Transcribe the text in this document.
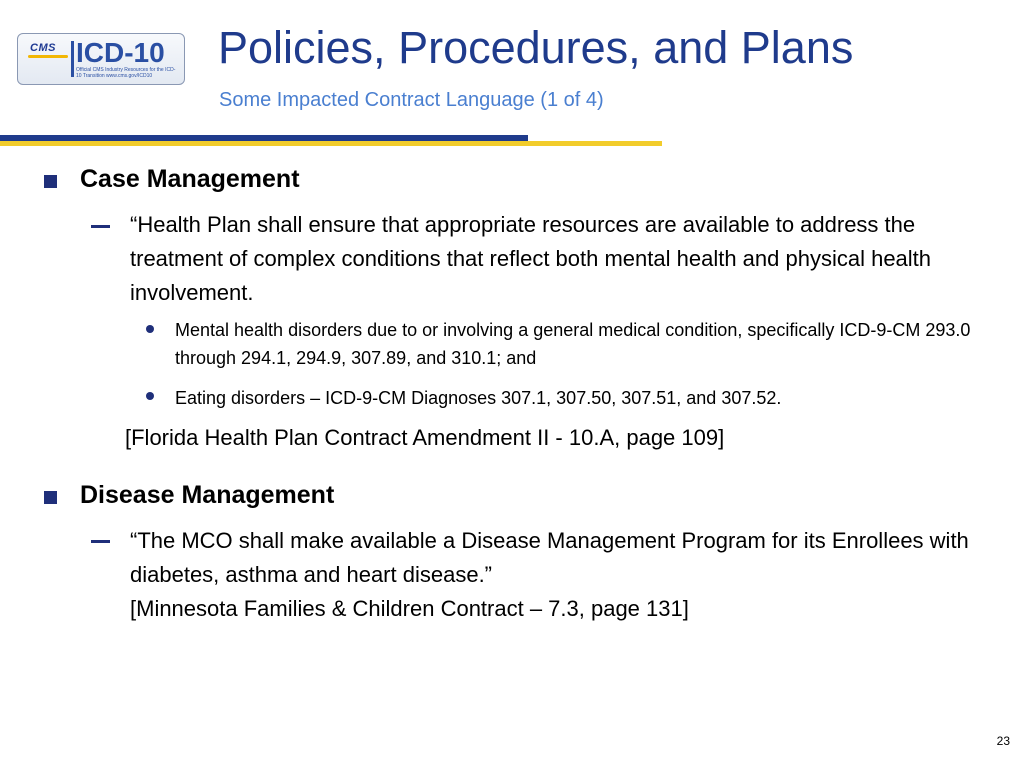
CMS ICD-10
Official CMS Industry Resources for the ICD-10 Transition www.cms.gov/ICD10
Policies, Procedures, and Plans

Some Impacted Contract Language (1 of 4)

Case Management
“Health Plan shall ensure that appropriate resources are available to address the treatment of complex conditions that reflect both mental health and physical health involvement.
Mental health disorders due to or involving a general medical condition, specifically ICD-9-CM 293.0 through 294.1, 294.9, 307.89, and 310.1; and
Eating disorders – ICD-9-CM Diagnoses 307.1, 307.50, 307.51, and 307.52.
[Florida Health Plan Contract Amendment II - 10.A, page 109]
Disease Management
“The MCO shall make available a Disease Management Program for its Enrollees with diabetes, asthma and heart disease.”
[Minnesota Families & Children Contract – 7.3, page 131]
23
